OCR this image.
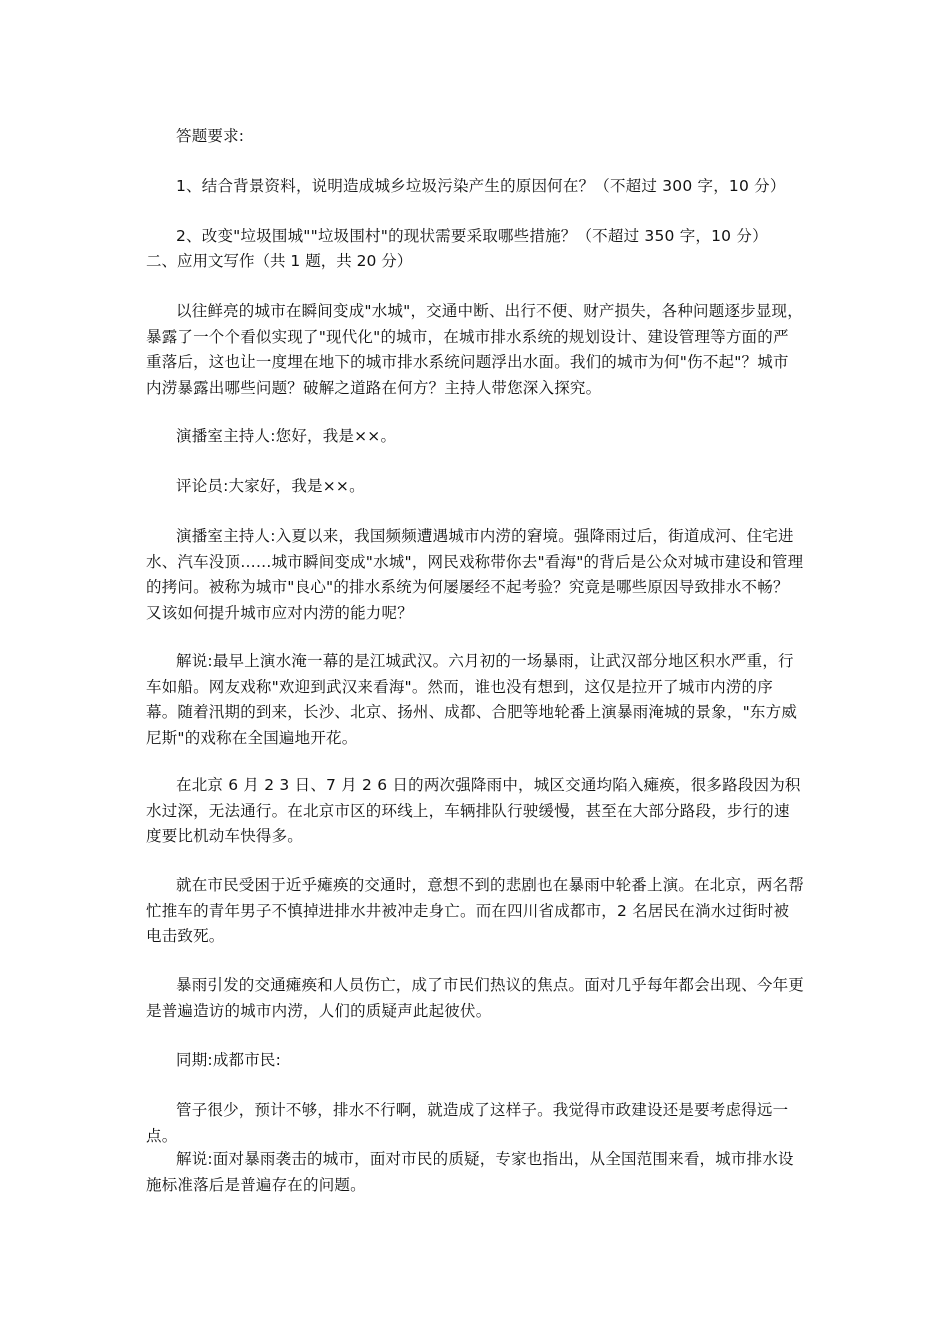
答题要求:

1、结合背景资料，说明造成城乡垃圾污染产生的原因何在？（不超过 300 字，10 分）

2、改变"垃圾围城""垃圾围村"的现状需要采取哪些措施？（不超过 350 字，10 分）

二、应用文写作（共 1 题，共 20 分）

以往鲜亮的城市在瞬间变成"水城"，交通中断、出行不便、财产损失，各种问题逐步显现，暴露了一个个看似实现了"现代化"的城市，在城市排水系统的规划设计、建设管理等方面的严重落后，这也让一度埋在地下的城市排水系统问题浮出水面。我们的城市为何"伤不起"？城市内涝暴露出哪些问题？破解之道路在何方？主持人带您深入探究。

演播室主持人:您好，我是××。

评论员:大家好，我是××。

演播室主持人:入夏以来，我国频频遭遇城市内涝的窘境。强降雨过后，街道成河、住宅进水、汽车没顶……城市瞬间变成"水城"，网民戏称带你去"看海"的背后是公众对城市建设和管理的拷问。被称为城市"良心"的排水系统为何屡屡经不起考验？究竟是哪些原因导致排水不畅？又该如何提升城市应对内涝的能力呢？

解说:最早上演水淹一幕的是江城武汉。六月初的一场暴雨，让武汉部分地区积水严重，行车如船。网友戏称"欢迎到武汉来看海"。然而，谁也没有想到，这仅是拉开了城市内涝的序幕。随着汛期的到来，长沙、北京、扬州、成都、合肥等地轮番上演暴雨淹城的景象，"东方威尼斯"的戏称在全国遍地开花。

在北京 6 月 2 3 日、7 月 2 6 日的两次强降雨中，城区交通均陷入瘫痪，很多路段因为积水过深，无法通行。在北京市区的环线上，车辆排队行驶缓慢，甚至在大部分路段，步行的速度要比机动车快得多。

就在市民受困于近乎瘫痪的交通时，意想不到的悲剧也在暴雨中轮番上演。在北京，两名帮忙推车的青年男子不慎掉进排水井被冲走身亡。而在四川省成都市，2 名居民在淌水过街时被电击致死。

暴雨引发的交通瘫痪和人员伤亡，成了市民们热议的焦点。面对几乎每年都会出现、今年更是普遍造访的城市内涝，人们的质疑声此起彼伏。

同期:成都市民:

管子很少，预计不够，排水不行啊，就造成了这样子。我觉得市政建设还是要考虑得远一点。

解说:面对暴雨袭击的城市，面对市民的质疑，专家也指出，从全国范围来看，城市排水设施标准落后是普遍存在的问题。
